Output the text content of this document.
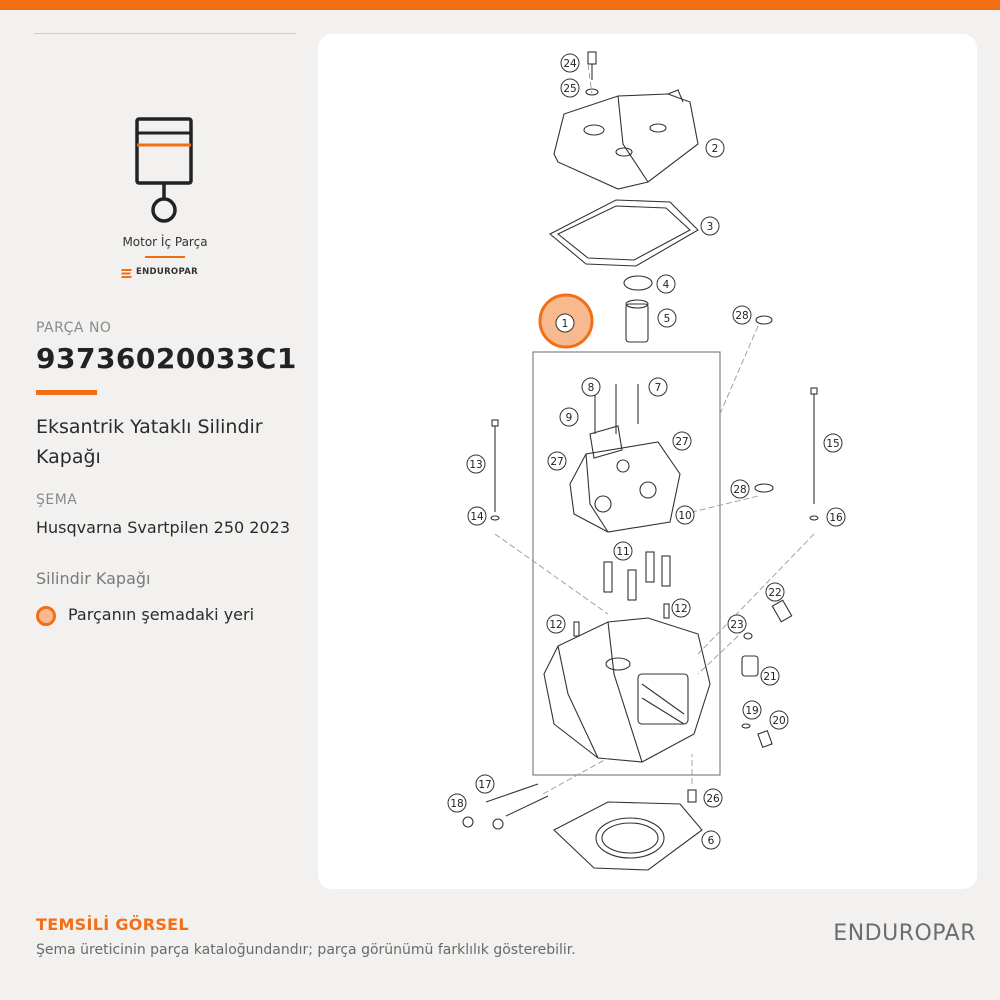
Motor İç Parça
ENDUROPAR
PARÇA NO
93736020033C1
Eksantrik Yataklı Silindir Kapağı
ŞEMA
Husqvarna Svartpilen 250 2023
Silindir Kapağı
Parçanın şemadaki yeri
24
25
2
3
4
5
1
28
8	7
9
27
27
13
15
28
14	10	16
11
22
12
12
23
21
19
20
17
26
18
6
TEMSİLİ GÖRSEL
Şema üreticinin parça kataloğundandır; parça görünümü farklılık gösterebilir.
ENDUROPAR
